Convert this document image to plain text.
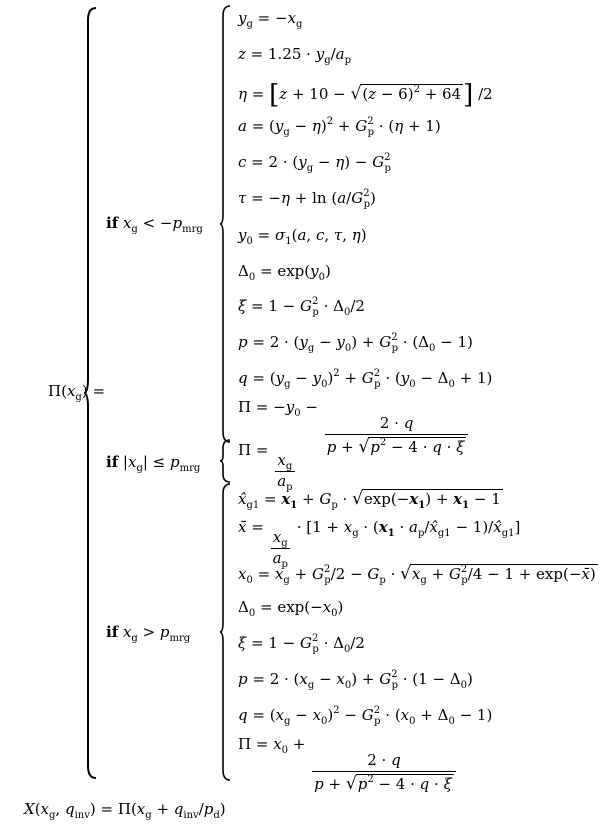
$\Pi(x_g)$ =
if $x_g < -p_{mrg}$
if $|x_g| \le p_{mrg}$
if $x_g > p_{mrg}$
$y_g = -x_g$
$z = 1.25 \cdot y_g/a_p$
$\eta = [z + 10 - √(z - 6)^2 + 64]$ /2
$a = (y_g - \eta)^2 + G^2_p \cdot (\eta + 1)$
$c = 2 \cdot (y_g - \eta) - G^2_p$
$\tau = -\eta + \ln (a/G^2_p)$
$y_0 = \sigma_1(a$, c, τ, η)
$\Delta_0 = \exp(y_0)$
$\xi = 1 - G^2_p \cdot \Delta_0/2$
$p = 2 \cdot (y_g - y_0) + G^2_p \cdot (\Delta_0 - 1)$
$q = (y_g - y_0)^2 + G^2_p \cdot (y_0 - \Delta_0 + 1)$
$\Pi = -y_0$ −
$\frac{2 \cdot q}{p + √p^2 - 4 \cdot q \cdot \xi}$
Π =
$\frac{x_g}{a_p}$
$x̂_{g1} = x_1 + G_p \cdot √\exp(-x_1) + x_1 - 1$
x̄ =
$\frac{x_g}{a_p}$
· [$1 + x_g \cdot (x_1$ · $a_p/x̂_{g1}$ − $1)/x̂_{g1}$]
$x_0 = x_g + G^2_p/2 - G_p \cdot √x_g + G^2_p/4 - 1$ + exp(−x̄)
$\Delta_0 = \exp(-x_0)$
$\xi = 1 - G^2_p \cdot \Delta_0/2$
$p = 2 \cdot (x_g - x_0) + G^2_p \cdot (1 - \Delta_0)$
$q = (x_g - x_0)^2 - G^2_p \cdot (x_0 + \Delta_0 - 1)$
$\Pi = x_0$ +
$\frac{2 \cdot q}{p + √p^2 - 4 \cdot q \cdot \xi}$
$X(x_g$, $q_{inv}) = \Pi(x_g + q_{inv}/p_d)$
